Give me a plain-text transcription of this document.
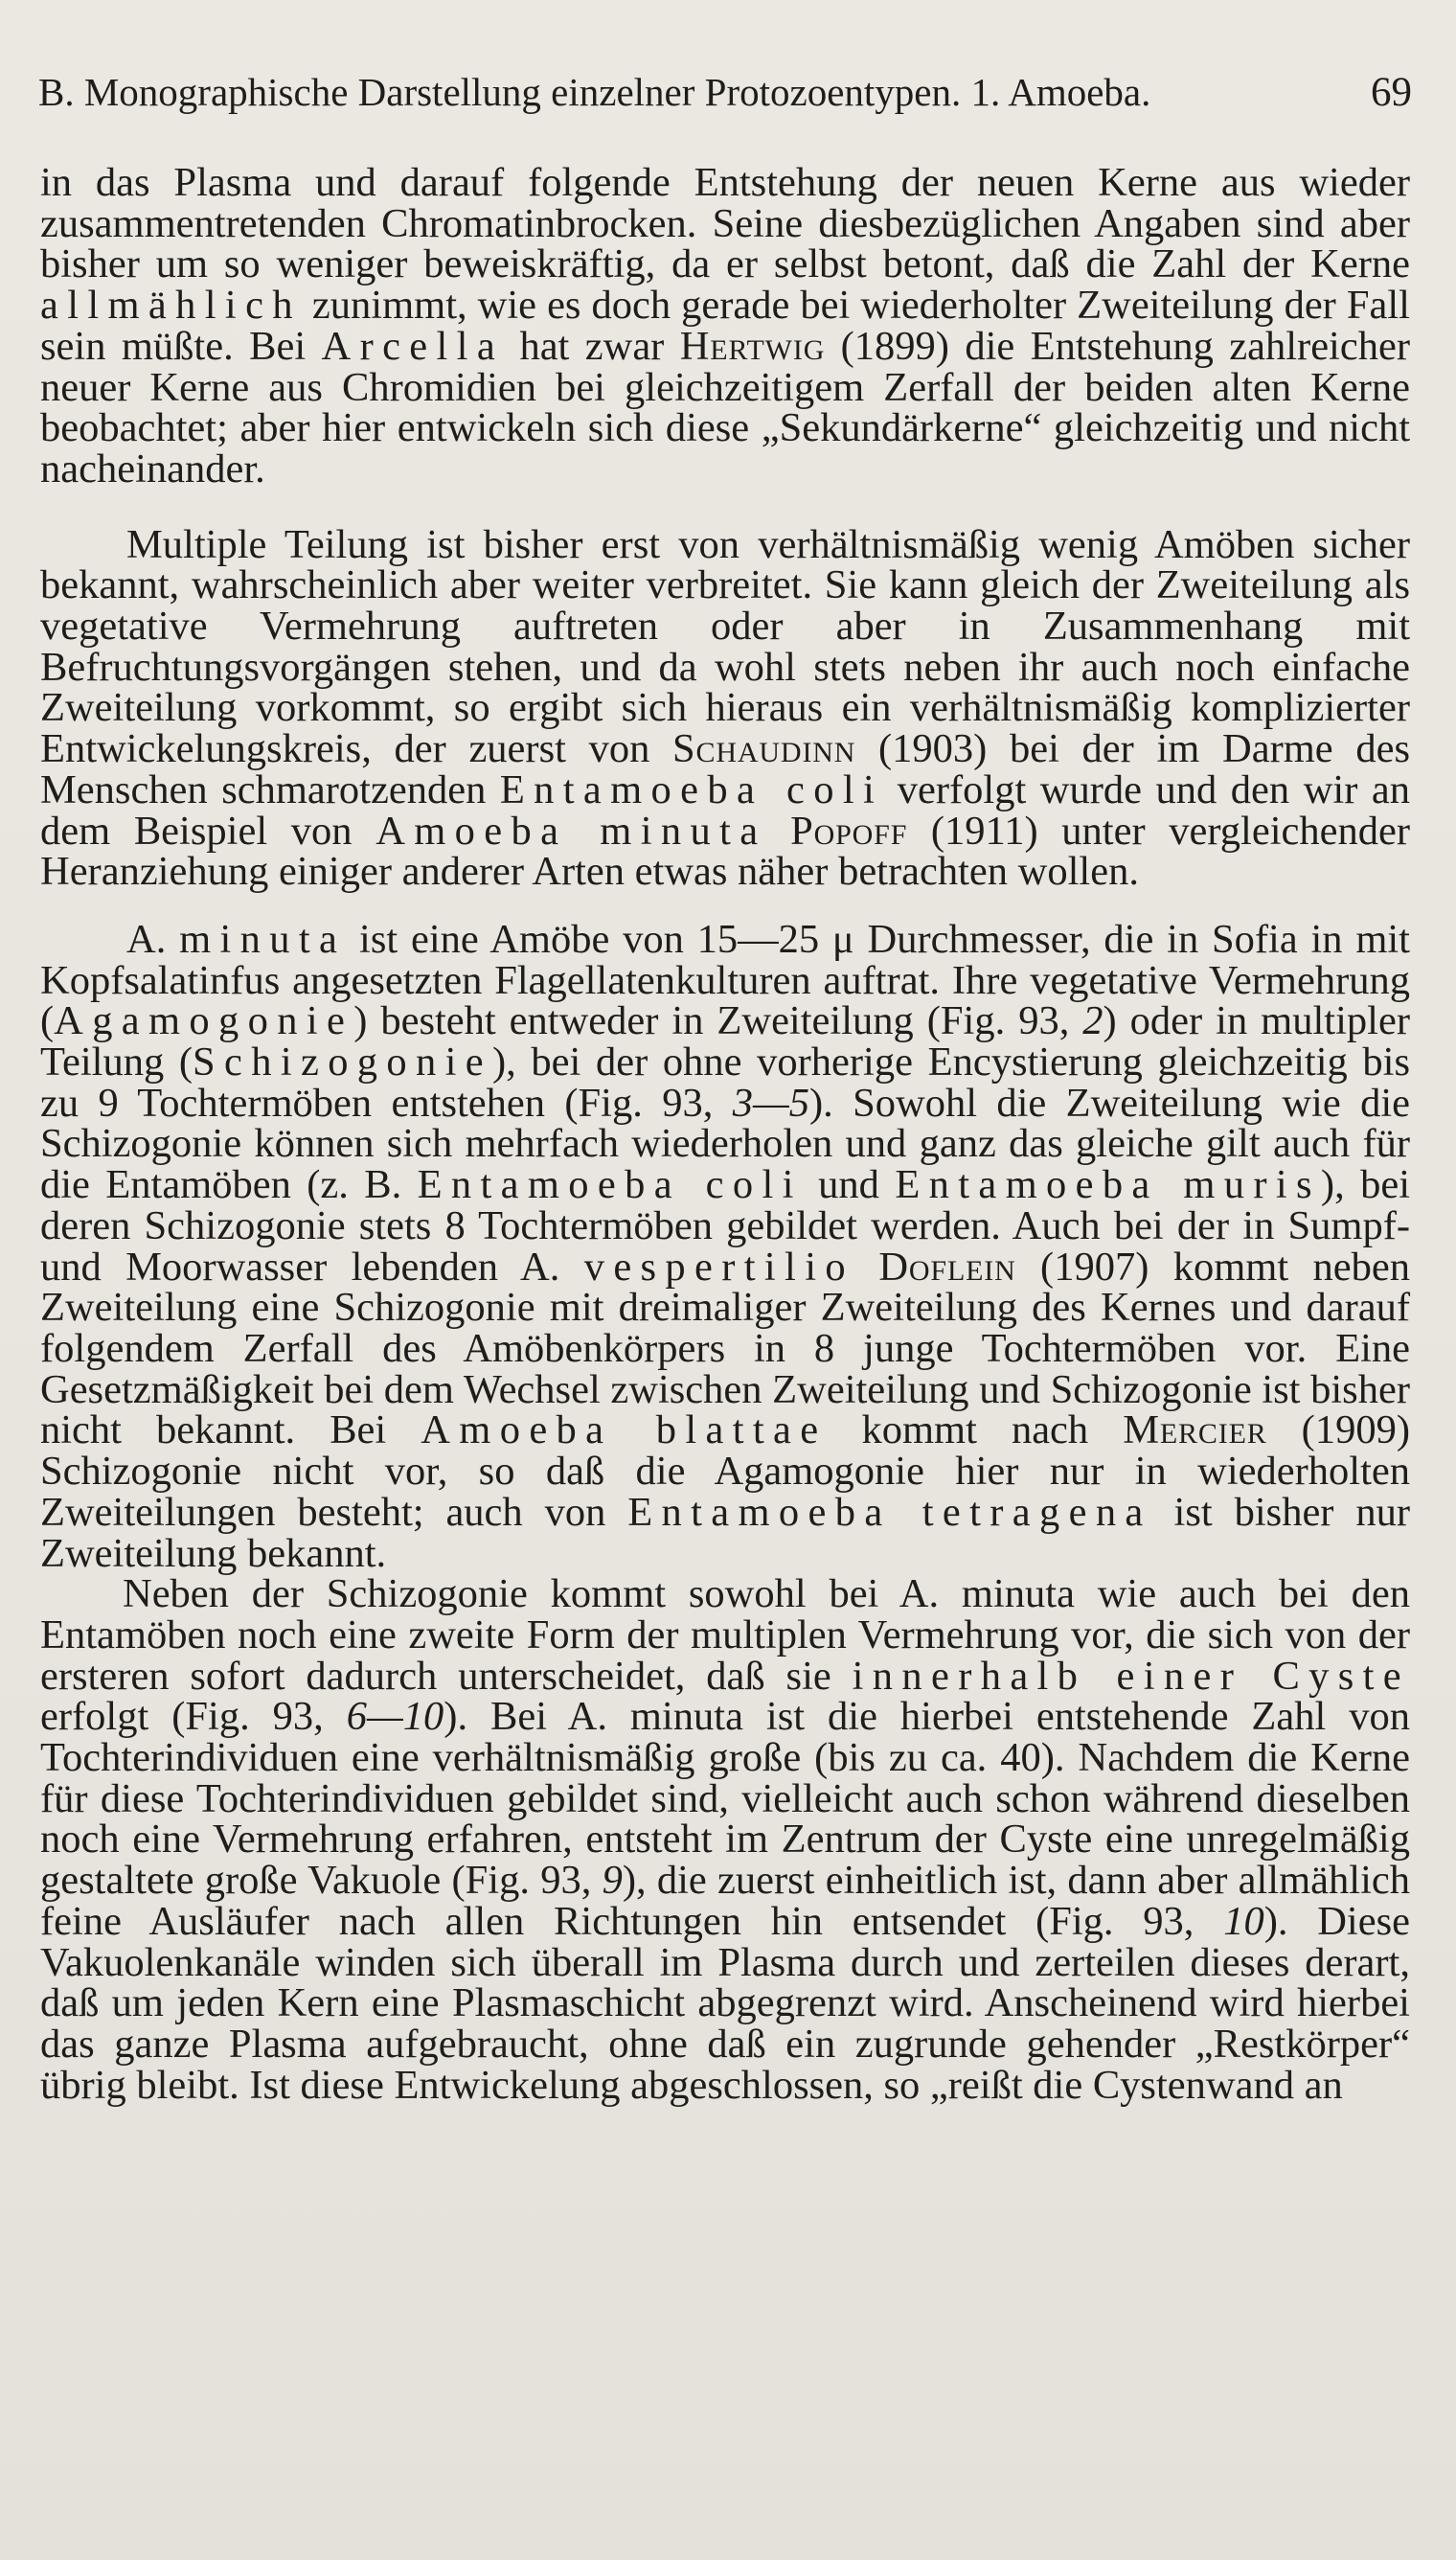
B. Monographische Darstellung einzelner Protozoentypen. 1. Amoeba.	69

in das Plasma und darauf folgende Entstehung der neuen Kerne aus wieder zusammentretenden Chromatinbrocken. Seine diesbezüglichen Angaben sind aber bisher um so weniger beweiskräftig, da er selbst betont, daß die Zahl der Kerne allmählich zunimmt, wie es doch gerade bei wiederholter Zweiteilung der Fall sein müßte. Bei Arcella hat zwar Hertwig (1899) die Entstehung zahlreicher neuer Kerne aus Chromidien bei gleichzeitigem Zerfall der beiden alten Kerne beobachtet; aber hier entwickeln sich diese „Sekundärkerne“ gleichzeitig und nicht nacheinander.

Multiple Teilung ist bisher erst von verhältnismäßig wenig Amöben sicher bekannt, wahrscheinlich aber weiter verbreitet. Sie kann gleich der Zweiteilung als vegetative Vermehrung auftreten oder aber in Zusammenhang mit Befruchtungsvorgängen stehen, und da wohl stets neben ihr auch noch einfache Zweiteilung vorkommt, so ergibt sich hieraus ein verhältnismäßig komplizierter Entwickelungskreis, der zuerst von Schaudinn (1903) bei der im Darme des Menschen schmarotzenden Entamoeba coli verfolgt wurde und den wir an dem Beispiel von Amoeba minuta Popoff (1911) unter vergleichender Heranziehung einiger anderer Arten etwas näher betrachten wollen.

A. minuta ist eine Amöbe von 15—25 μ Durchmesser, die in Sofia in mit Kopfsalatinfus angesetzten Flagellatenkulturen auftrat. Ihre vegetative Vermehrung (Agamogonie) besteht entweder in Zweiteilung (Fig. 93, 2) oder in multipler Teilung (Schizogonie), bei der ohne vorherige Encystierung gleichzeitig bis zu 9 Tochtermöben entstehen (Fig. 93, 3—5). Sowohl die Zweiteilung wie die Schizogonie können sich mehrfach wiederholen und ganz das gleiche gilt auch für die Entamöben (z. B. Entamoeba coli und Entamoeba muris), bei deren Schizogonie stets 8 Tochtermöben gebildet werden. Auch bei der in Sumpf- und Moorwasser lebenden A. vespertilio Doflein (1907) kommt neben Zweiteilung eine Schizogonie mit dreimaliger Zweiteilung des Kernes und darauf folgendem Zerfall des Amöbenkörpers in 8 junge Tochtermöben vor. Eine Gesetzmäßigkeit bei dem Wechsel zwischen Zweiteilung und Schizogonie ist bisher nicht bekannt. Bei Amoeba blattae kommt nach Mercier (1909) Schizogonie nicht vor, so daß die Agamogonie hier nur in wiederholten Zweiteilungen besteht; auch von Entamoeba tetragena ist bisher nur Zweiteilung bekannt.

Neben der Schizogonie kommt sowohl bei A. minuta wie auch bei den Entamöben noch eine zweite Form der multiplen Vermehrung vor, die sich von der ersteren sofort dadurch unterscheidet, daß sie innerhalb einer Cyste erfolgt (Fig. 93, 6—10). Bei A. minuta ist die hierbei entstehende Zahl von Tochterindividuen eine verhältnismäßig große (bis zu ca. 40). Nachdem die Kerne für diese Tochterindividuen gebildet sind, vielleicht auch schon während dieselben noch eine Vermehrung erfahren, entsteht im Zentrum der Cyste eine unregelmäßig gestaltete große Vakuole (Fig. 93, 9), die zuerst einheitlich ist, dann aber allmählich feine Ausläufer nach allen Richtungen hin entsendet (Fig. 93, 10). Diese Vakuolenkanäle winden sich überall im Plasma durch und zerteilen dieses derart, daß um jeden Kern eine Plasmaschicht abgegrenzt wird. Anscheinend wird hierbei das ganze Plasma aufgebraucht, ohne daß ein zugrunde gehender „Restkörper“ übrig bleibt. Ist diese Entwickelung abgeschlossen, so „reißt die Cystenwand an
